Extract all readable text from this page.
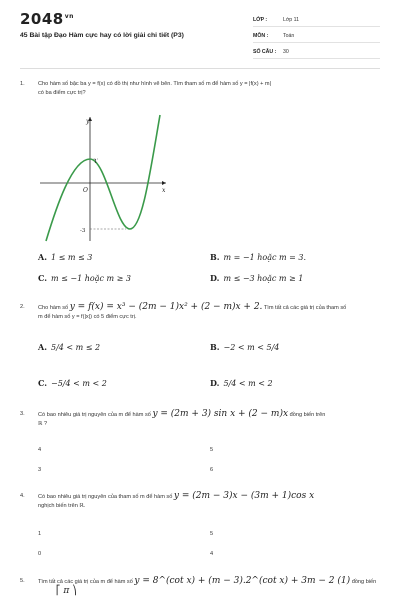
$2048^{vn}$
45 Bài tập Đạo Hàm cực hay có lời giải chi tiết (P3)
LỚP :	Lớp 11
MÔN :	Toán
SỐ CÂU :	30
1.	Cho hàm số bậc ba y = f(x) có đồ thị như hình vẽ bên. Tìm tham số m để hàm số y = |f(x) + m|
có ba điểm cực trị?
y
x
O
1
-3
A. 1 ≤ m ≤ 3	B. m = −1 hoặc m = 3.
C. m ≤ −1 hoặc m ≥ 3	D. m ≤ −3 hoặc m ≥ 1
2.	Cho hàm số y = f(x) = x³ − (2m − 1)x² + (2 − m)x + 2. Tìm tất cả các giá trị của tham số
m để hàm số y = f(|x|) có 5 điểm cực trị.
A. 5/4 < m ≤ 2	B. −2 < m < 5/4
C. −5/4 < m < 2	D. 5/4 < m < 2
3.	Có bao nhiêu giá trị nguyên của m để hàm số y = (2m + 3) sin x + (2 − m)x đồng biến trên
ℝ ?
4	5
3	6
4.	Có bao nhiêu giá trị nguyên của tham số m để hàm số y = (2m − 3)x − (3m + 1)cos x
nghịch biến trên ℝ.
1	5
0	4
5.	Tìm tất cả các giá trị của m để hàm số y = 8^(cot x) + (m − 3).2^(cot x) + 3m − 2 (1) đồng biến
⎡ π ⎞
